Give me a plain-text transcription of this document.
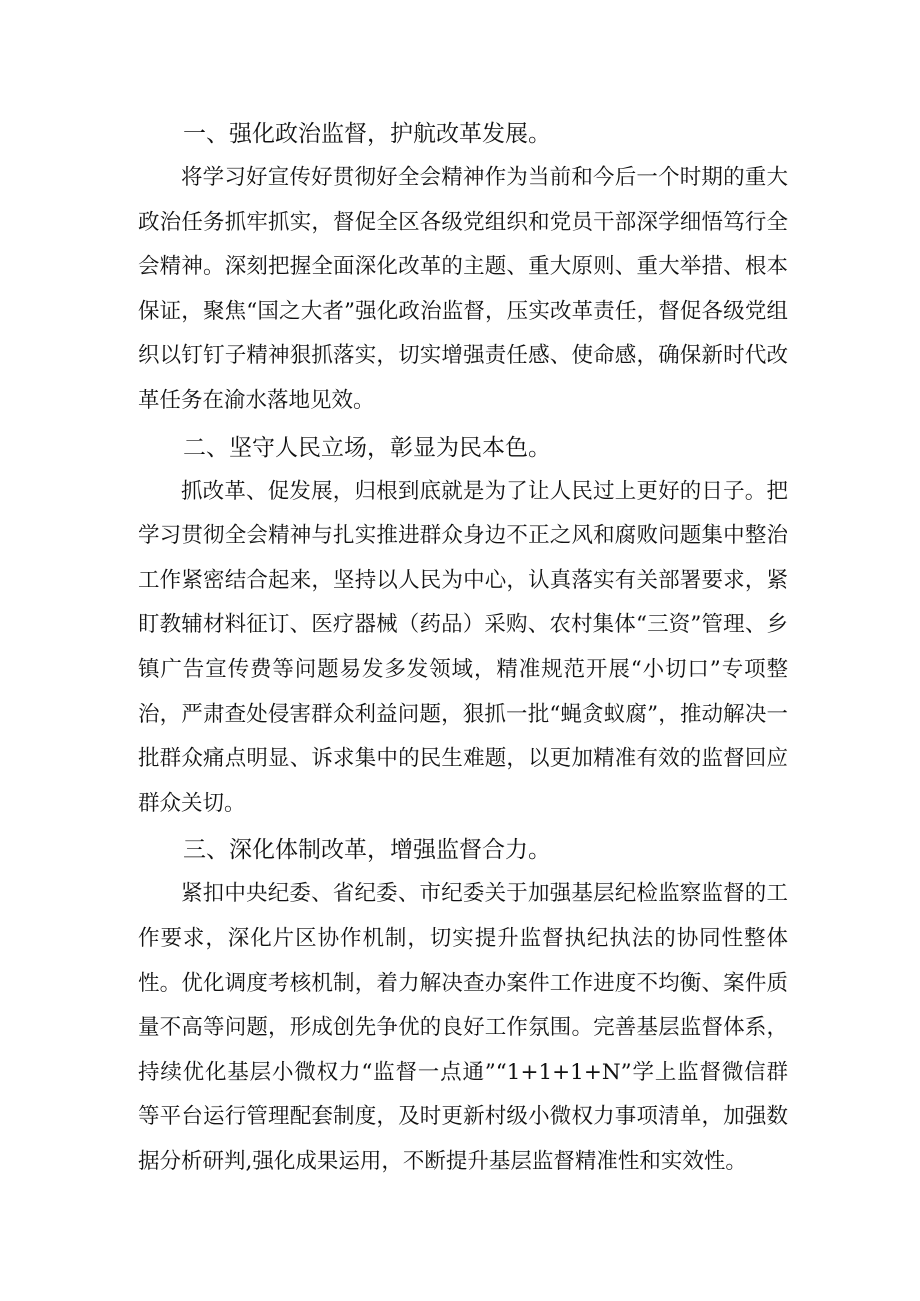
一、强化政治监督，护航改革发展。

将学习好宣传好贯彻好全会精神作为当前和今后一个时期的重大政治任务抓牢抓实，督促全区各级党组织和党员干部深学细悟笃行全会精神。深刻把握全面深化改革的主题、重大原则、重大举措、根本保证，聚焦“国之大者”强化政治监督，压实改革责任，督促各级党组织以钉钉子精神狠抓落实，切实增强责任感、使命感，确保新时代改革任务在渝水落地见效。

二、坚守人民立场，彰显为民本色。

抓改革、促发展，归根到底就是为了让人民过上更好的日子。把学习贯彻全会精神与扎实推进群众身边不正之风和腐败问题集中整治工作紧密结合起来，坚持以人民为中心，认真落实有关部署要求，紧盯教辅材料征订、医疗器械（药品）采购、农村集体“三资”管理、乡镇广告宣传费等问题易发多发领域，精准规范开展“小切口”专项整治，严肃查处侵害群众利益问题，狠抓一批“蝇贪蚁腐”，推动解决一批群众痛点明显、诉求集中的民生难题，以更加精准有效的监督回应群众关切。

三、深化体制改革，增强监督合力。

紧扣中央纪委、省纪委、市纪委关于加强基层纪检监察监督的工作要求，深化片区协作机制，切实提升监督执纪执法的协同性整体性。优化调度考核机制，着力解决查办案件工作进度不均衡、案件质量不高等问题，形成创先争优的良好工作氛围。完善基层监督体系，持续优化基层小微权力“监督一点通”“1+1+1+N”学上监督微信群等平台运行管理配套制度，及时更新村级小微权力事项清单，加强数据分析研判,强化成果运用，不断提升基层监督精准性和实效性。
